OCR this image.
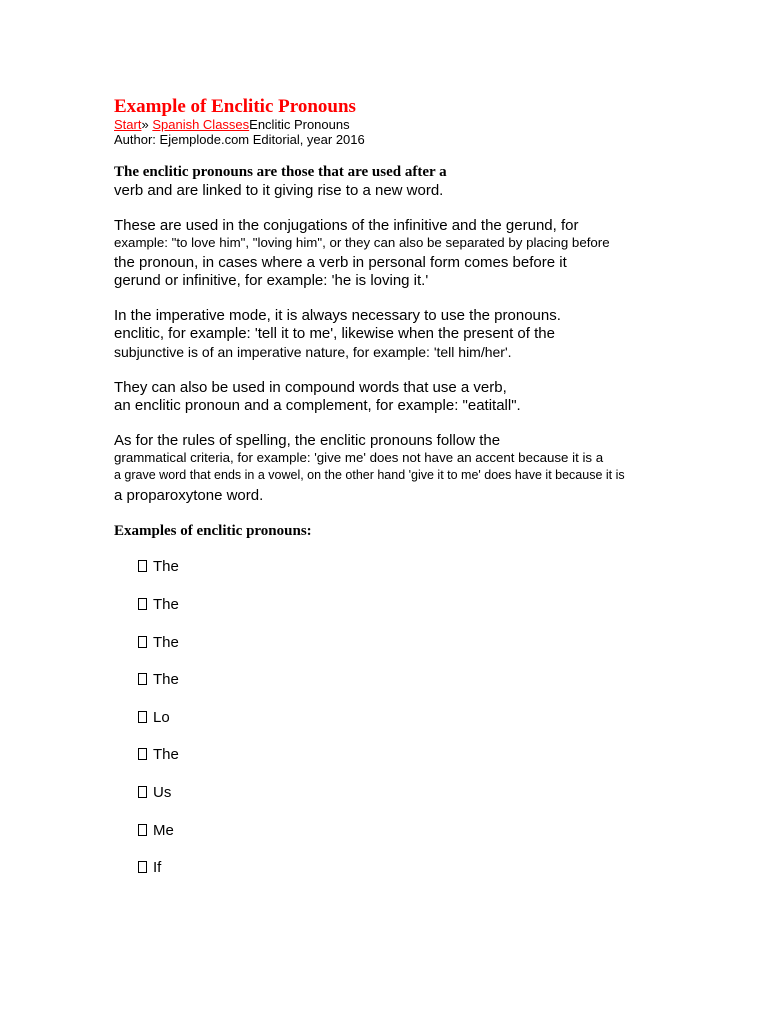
Example of Enclitic Pronouns
Start» Spanish ClassesEnclitic Pronouns
Author: Ejemplode.com Editorial, year 2016
The enclitic pronouns are those that are used after a
verb and are linked to it giving rise to a new word.
These are used in the conjugations of the infinitive and the gerund, for
example: "to love him", "loving him", or they can also be separated by placing before
the pronoun, in cases where a verb in personal form comes before it
gerund or infinitive, for example: 'he is loving it.'
In the imperative mode, it is always necessary to use the pronouns.
enclitic, for example: 'tell it to me', likewise when the present of the
subjunctive is of an imperative nature, for example: 'tell him/her'.
They can also be used in compound words that use a verb,
an enclitic pronoun and a complement, for example: "eatitall".
As for the rules of spelling, the enclitic pronouns follow the
grammatical criteria, for example: 'give me' does not have an accent because it is a
a grave word that ends in a vowel, on the other hand 'give it to me' does have it because it is
a proparoxytone word.
Examples of enclitic pronouns:
The
The
The
The
Lo
The
Us
Me
If
